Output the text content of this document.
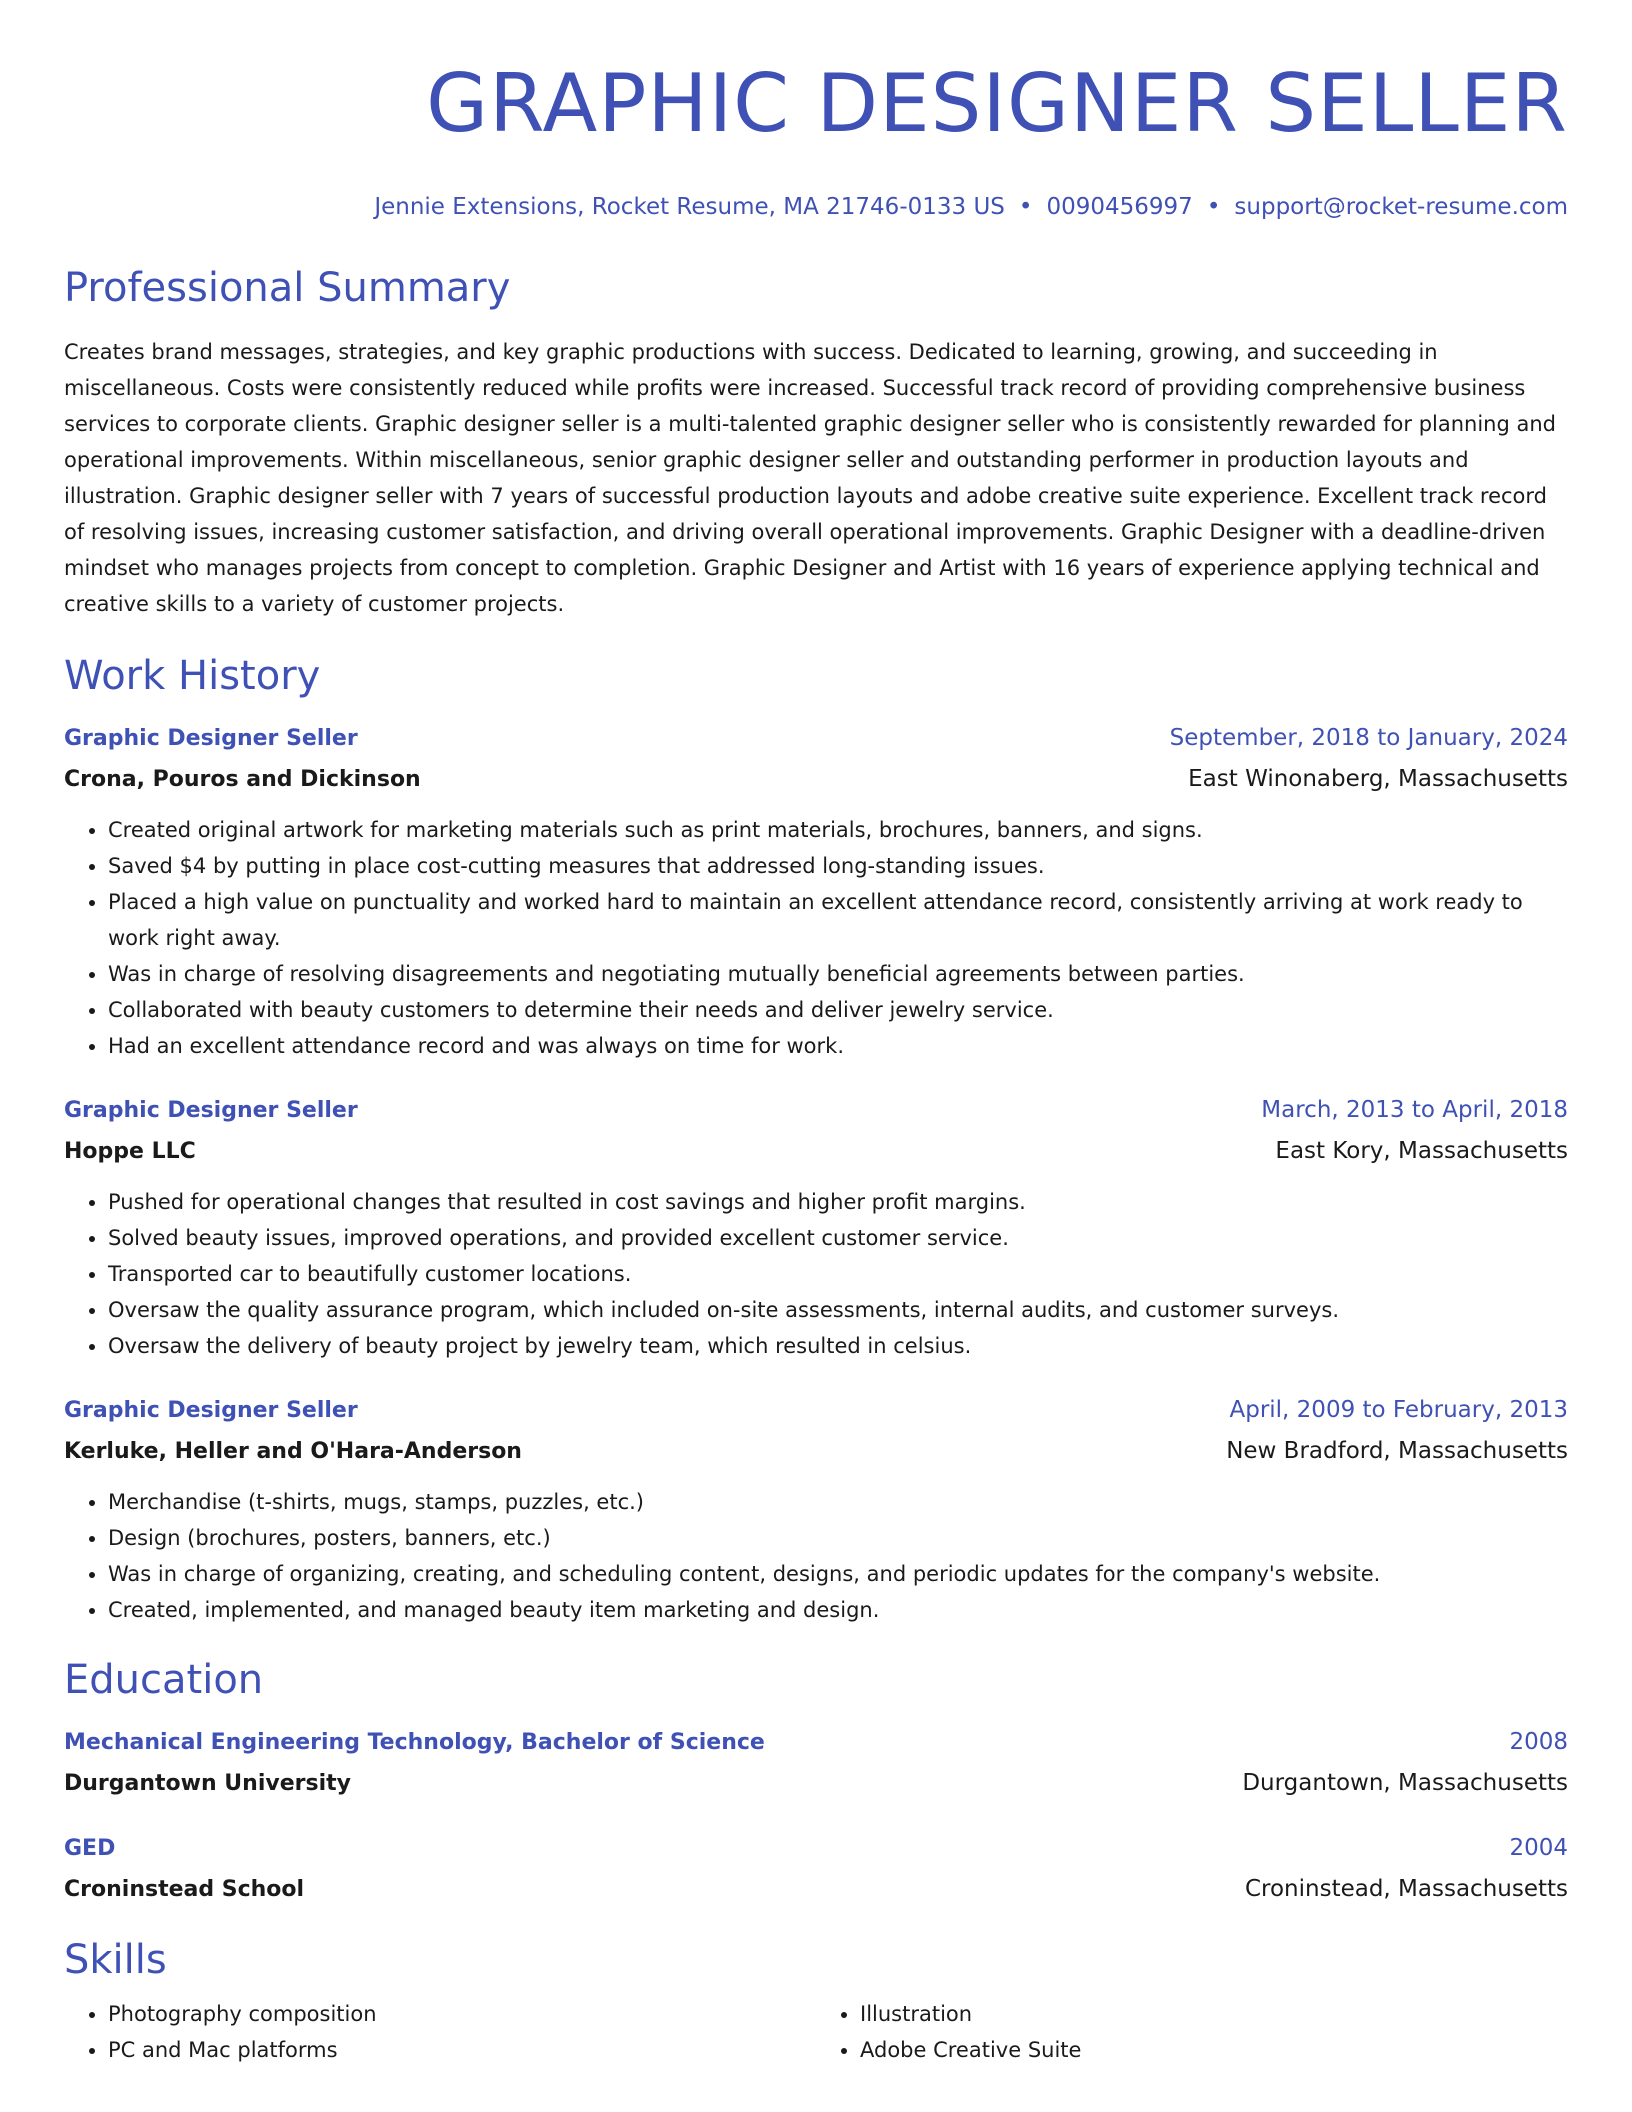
GRAPHIC DESIGNER SELLER
Jennie Extensions, Rocket Resume, MA 21746-0133 US • 0090456997 • support@rocket-resume.com
Professional Summary
Creates brand messages, strategies, and key graphic productions with success. Dedicated to learning, growing, and succeeding in miscellaneous. Costs were consistently reduced while profits were increased. Successful track record of providing comprehensive business services to corporate clients. Graphic designer seller is a multi-talented graphic designer seller who is consistently rewarded for planning and operational improvements. Within miscellaneous, senior graphic designer seller and outstanding performer in production layouts and illustration. Graphic designer seller with 7 years of successful production layouts and adobe creative suite experience. Excellent track record of resolving issues, increasing customer satisfaction, and driving overall operational improvements. Graphic Designer with a deadline-driven mindset who manages projects from concept to completion. Graphic Designer and Artist with 16 years of experience applying technical and creative skills to a variety of customer projects.
Work History
Graphic Designer Seller	September, 2018 to January, 2024
Crona, Pouros and Dickinson	East Winonaberg, Massachusetts
• Created original artwork for marketing materials such as print materials, brochures, banners, and signs.
• Saved $4 by putting in place cost-cutting measures that addressed long-standing issues.
• Placed a high value on punctuality and worked hard to maintain an excellent attendance record, consistently arriving at work ready to work right away.
• Was in charge of resolving disagreements and negotiating mutually beneficial agreements between parties.
• Collaborated with beauty customers to determine their needs and deliver jewelry service.
• Had an excellent attendance record and was always on time for work.
Graphic Designer Seller	March, 2013 to April, 2018
Hoppe LLC	East Kory, Massachusetts
• Pushed for operational changes that resulted in cost savings and higher profit margins.
• Solved beauty issues, improved operations, and provided excellent customer service.
• Transported car to beautifully customer locations.
• Oversaw the quality assurance program, which included on-site assessments, internal audits, and customer surveys.
• Oversaw the delivery of beauty project by jewelry team, which resulted in celsius.
Graphic Designer Seller	April, 2009 to February, 2013
Kerluke, Heller and O'Hara-Anderson	New Bradford, Massachusetts
• Merchandise (t-shirts, mugs, stamps, puzzles, etc.)
• Design (brochures, posters, banners, etc.)
• Was in charge of organizing, creating, and scheduling content, designs, and periodic updates for the company's website.
• Created, implemented, and managed beauty item marketing and design.
Education
Mechanical Engineering Technology, Bachelor of Science	2008
Durgantown University	Durgantown, Massachusetts
GED	2004
Croninstead School	Croninstead, Massachusetts
Skills
• Photography composition
• PC and Mac platforms
• Illustration
• Adobe Creative Suite
